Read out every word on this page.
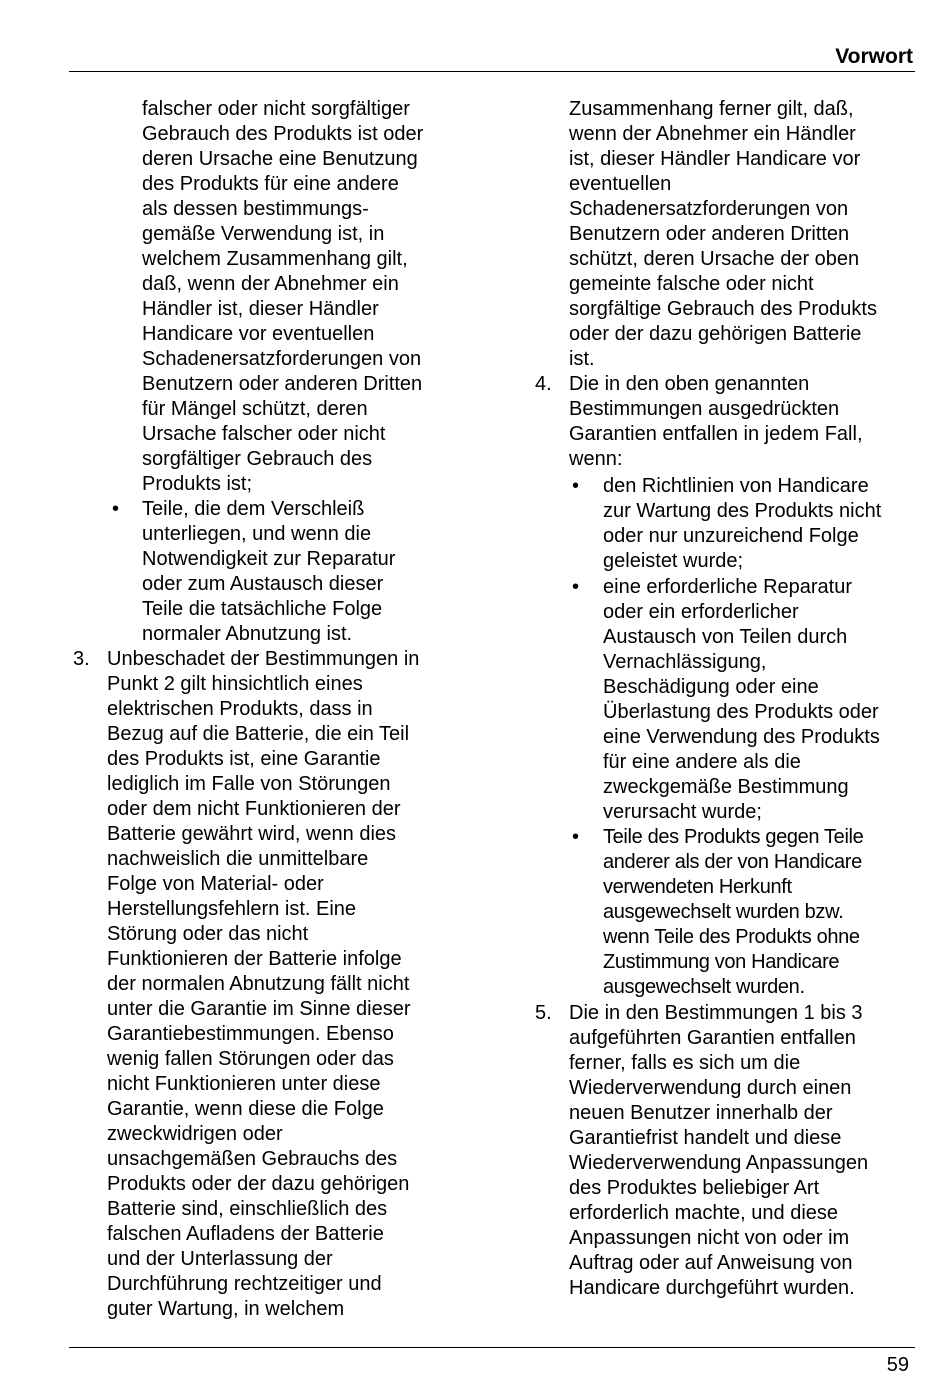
Vorwort
falscher oder nicht sorgfältiger
Gebrauch des Produkts ist oder
deren Ursache eine Benutzung
des Produkts für eine andere
als dessen bestimmungs-
gemäße Verwendung ist, in
welchem Zusammenhang gilt,
daß, wenn der Abnehmer ein
Händler ist, dieser Händler
Handicare vor eventuellen
Schadenersatzforderungen von
Benutzern oder anderen Dritten
für Mängel schützt, deren
Ursache falscher oder nicht
sorgfältiger Gebrauch des
Produkts ist;
• Teile, die dem Verschleiß
unterliegen, und wenn die
Notwendigkeit zur Reparatur
oder zum Austausch dieser
Teile die tatsächliche Folge
normaler Abnutzung ist.
3. Unbeschadet der Bestimmungen in
Punkt 2 gilt hinsichtlich eines
elektrischen Produkts, dass in
Bezug auf die Batterie, die ein Teil
des Produkts ist, eine Garantie
lediglich im Falle von Störungen
oder dem nicht Funktionieren der
Batterie gewährt wird, wenn dies
nachweislich die unmittelbare
Folge von Material- oder
Herstellungsfehlern ist. Eine
Störung oder das nicht
Funktionieren der Batterie infolge
der normalen Abnutzung fällt nicht
unter die Garantie im Sinne dieser
Garantiebestimmungen. Ebenso
wenig fallen Störungen oder das
nicht Funktionieren unter diese
Garantie, wenn diese die Folge
zweckwidrigen oder
unsachgemäßen Gebrauchs des
Produkts oder der dazu gehörigen
Batterie sind, einschließlich des
falschen Aufladens der Batterie
und der Unterlassung der
Durchführung rechtzeitiger und
guter Wartung, in welchem
Zusammenhang ferner gilt, daß,
wenn der Abnehmer ein Händler
ist, dieser Händler Handicare vor
eventuellen
Schadenersatzforderungen von
Benutzern oder anderen Dritten
schützt, deren Ursache der oben
gemeinte falsche oder nicht
sorgfältige Gebrauch des Produkts
oder der dazu gehörigen Batterie
ist.
4. Die in den oben genannten
Bestimmungen ausgedrückten
Garantien entfallen in jedem Fall,
wenn:
• den Richtlinien von Handicare
zur Wartung des Produkts nicht
oder nur unzureichend Folge
geleistet wurde;
• eine erforderliche Reparatur
oder ein erforderlicher
Austausch von Teilen durch
Vernachlässigung,
Beschädigung oder eine
Überlastung des Produkts oder
eine Verwendung des Produkts
für eine andere als die
zweckgemäße Bestimmung
verursacht wurde;
• Teile des Produkts gegen Teile
anderer als der von Handicare
verwendeten Herkunft
ausgewechselt wurden bzw.
wenn Teile des Produkts ohne
Zustimmung von Handicare
ausgewechselt wurden.
5. Die in den Bestimmungen 1 bis 3
aufgeführten Garantien entfallen
ferner, falls es sich um die
Wiederverwendung durch einen
neuen Benutzer innerhalb der
Garantiefrist handelt und diese
Wiederverwendung Anpassungen
des Produktes beliebiger Art
erforderlich machte, und diese
Anpassungen nicht von oder im
Auftrag oder auf Anweisung von
Handicare durchgeführt wurden.
59
